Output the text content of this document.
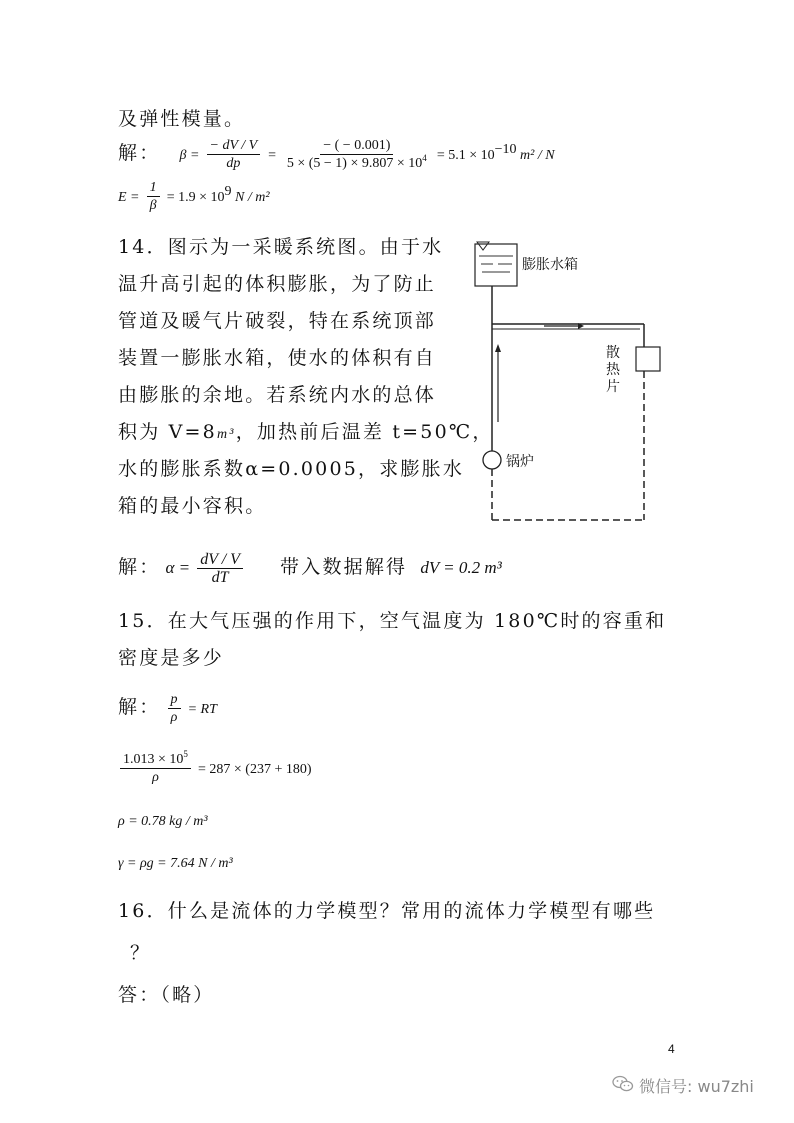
及弹性模量。
解： $\beta = \frac{- dV / V}{dp} = \frac{- ( - 0.001)}{5 \times (5 - 1) \times 9.807 \times 10^4} = 5.1 \times 10^{-10}$ m² / N
$E = \frac{1}{\beta} = 1.9 \times 10^9$ N / m²
14．图示为一采暖系统图。由于水
温升高引起的体积膨胀，为了防止
管道及暖气片破裂，特在系统顶部
装置一膨胀水箱，使水的体积有自
由膨胀的余地。若系统内水的总体
积为 V=8m³，加热前后温差 t=50℃，
水的膨胀系数α=0.0005，求膨胀水
箱的最小容积。
解： $\alpha = \frac{dV / V}{dT}$ 带入数据解得 dV = 0.2 m³
膨胀水箱
散
热
片
锅炉
15．在大气压强的作用下，空气温度为 180℃时的容重和
密度是多少
解： $\frac{p}{\rho}$ = RT
$\frac{1.013 \times 10^5}{\rho} = 287 \times (237 + 180)$
ρ = 0.78 kg / m³
γ = ρg = 7.64 N / m³
16．什么是流体的力学模型？常用的流体力学模型有哪些
？
答：（略）
4
微信号: wu7zhi
